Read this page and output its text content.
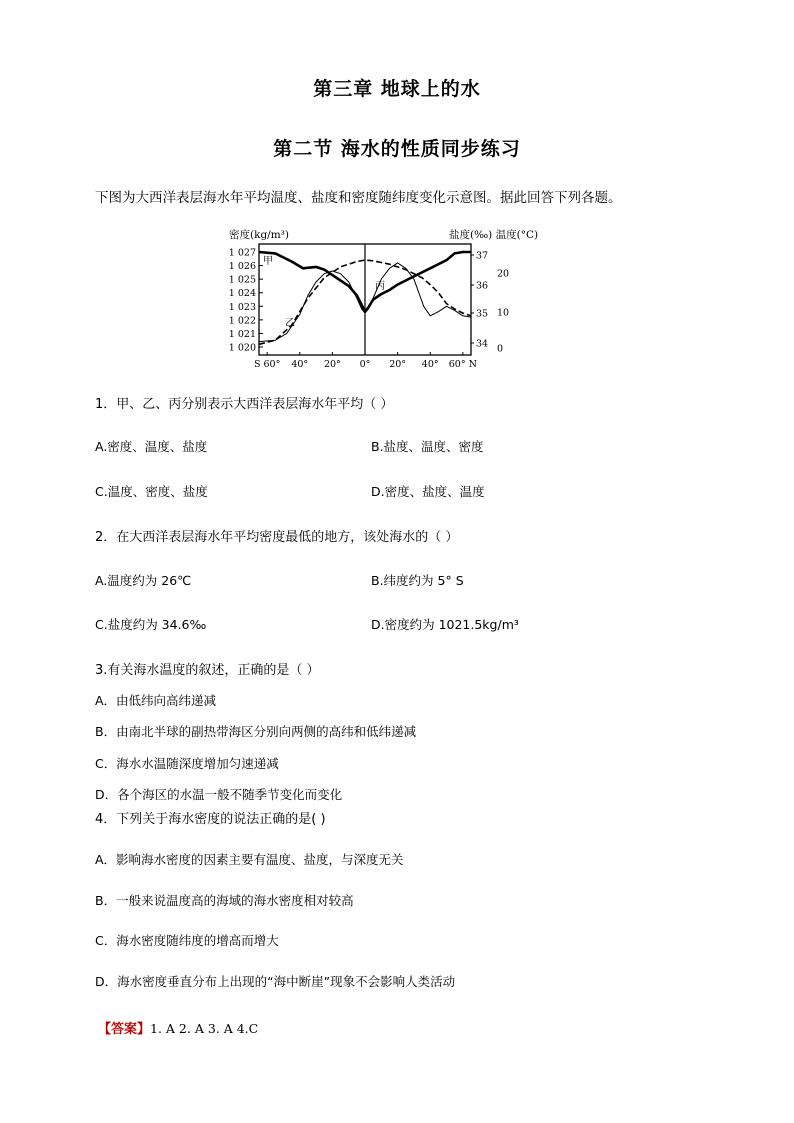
第三章 地球上的水
第二节 海水的性质同步练习
下图为大西洋表层海水年平均温度、盐度和密度随纬度变化示意图。据此回答下列各题。
密度(kg/m³)	盐度(‰) 温度(°C)
1 027
1 026
1 025
1 024
1 023
1 022
1 021
1 020
37
36
35
34
20
10
0
S 60° 40° 20° 0° 20° 40° 60° N
甲
乙
丙
1．甲、乙、丙分别表示大西洋表层海水年平均（ ）
A.密度、温度、盐度	B.盐度、温度、密度
C.温度、密度、盐度	D.密度、盐度、温度
2．在大西洋表层海水年平均密度最低的地方，该处海水的（ ）
A.温度约为 26℃	B.纬度约为 5° S
C.盐度约为 34.6‰	D.密度约为 1021.5kg/m³
3.有关海水温度的叙述，正确的是（ ）
A．由低纬向高纬递减
B．由南北半球的副热带海区分别向两侧的高纬和低纬递减
C．海水水温随深度增加匀速递减
D．各个海区的水温一般不随季节变化而变化
4．下列关于海水密度的说法正确的是( )
A．影响海水密度的因素主要有温度、盐度，与深度无关
B．一般来说温度高的海域的海水密度相对较高
C．海水密度随纬度的增高而增大
D．海水密度垂直分布上出现的“海中断崖”现象不会影响人类活动
【答案】1. A 2. A 3. A 4.C
